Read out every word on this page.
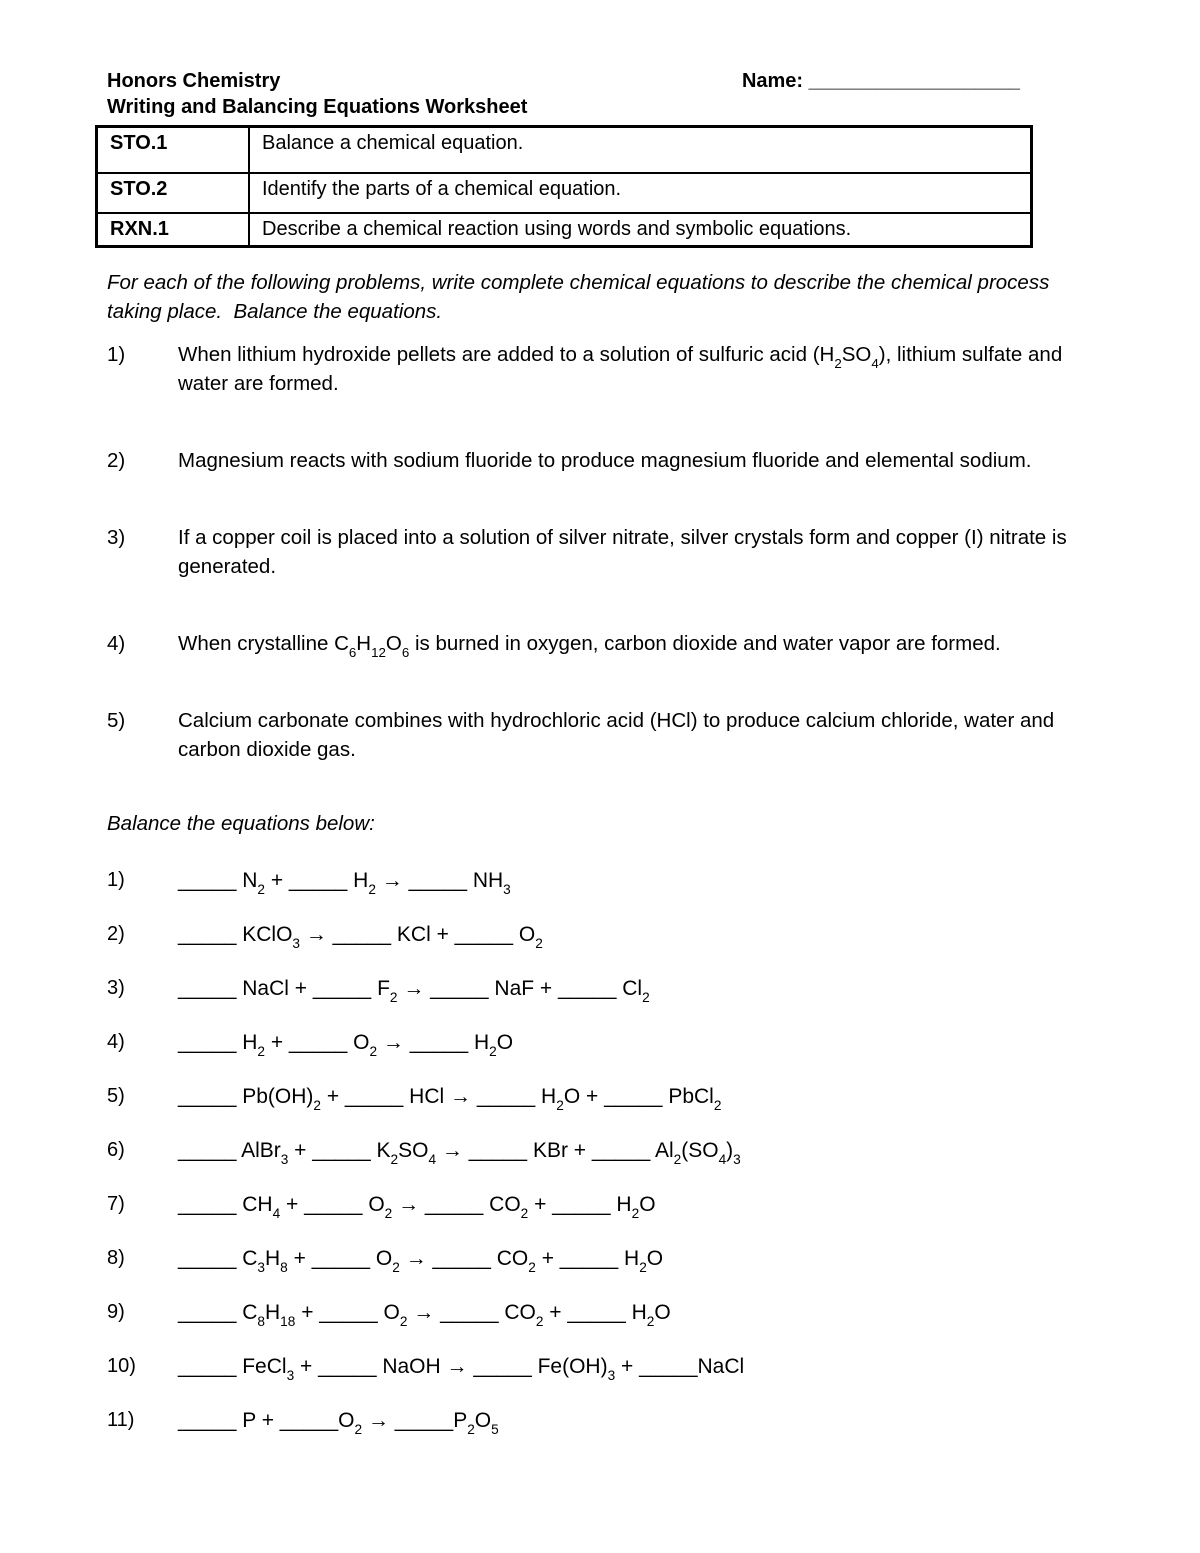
Honors Chemistry
Writing and Balancing Equations Worksheet
Name: ___________________
STO.1	Balance a chemical equation.
STO.2	Identify the parts of a chemical equation.
RXN.1	Describe a chemical reaction using words and symbolic equations.
For each of the following problems, write complete chemical equations to describe the chemical process taking place.  Balance the equations.
1)	When lithium hydroxide pellets are added to a solution of sulfuric acid $(H_2SO_4)$, lithium sulfate and water are formed.
2)	Magnesium reacts with sodium fluoride to produce magnesium fluoride and elemental sodium.
3)	If a copper coil is placed into a solution of silver nitrate, silver crystals form and copper (I) nitrate is generated.
4)	When crystalline $C_6H_{12}O_6$ is burned in oxygen, carbon dioxide and water vapor are formed.
5)	Calcium carbonate combines with hydrochloric acid (HCl) to produce calcium chloride, water and carbon dioxide gas.
Balance the equations below:
1)	_____ $N_2$ + _____ $H_2$ → _____ $NH_3$
2)	_____ KClO$_3$ → _____ KCl + _____ $O_2$
3)	_____ NaCl + _____ $F_2$ → _____ NaF + _____ $Cl_2$
4)	_____ $H_2$ + _____ $O_2$ → _____ $H_2O$
5)	_____ $Pb(OH)_2$ + _____ HCl → _____ $H_2O$ + _____ PbCl$_2$
6)	_____ AlBr$_3$ + _____ $K_2SO_4$ → _____ KBr + _____ $Al_2(SO_4)_3$
7)	_____ $CH_4$ + _____ $O_2$ → _____ $CO_2$ + _____ $H_2O$
8)	_____ $C_3H_8$ + _____ $O_2$ → _____ $CO_2$ + _____ $H_2O$
9)	_____ $C_8H_{18}$ + _____ $O_2$ → _____ $CO_2$ + _____ $H_2O$
10)	_____ FeCl$_3$ + _____ NaOH → _____ $Fe(OH)_3$ + _____NaCl
11)	_____ $P + \_\_\_\_\_O_2$ → $\_\_\_\_\_P_2O_5$
